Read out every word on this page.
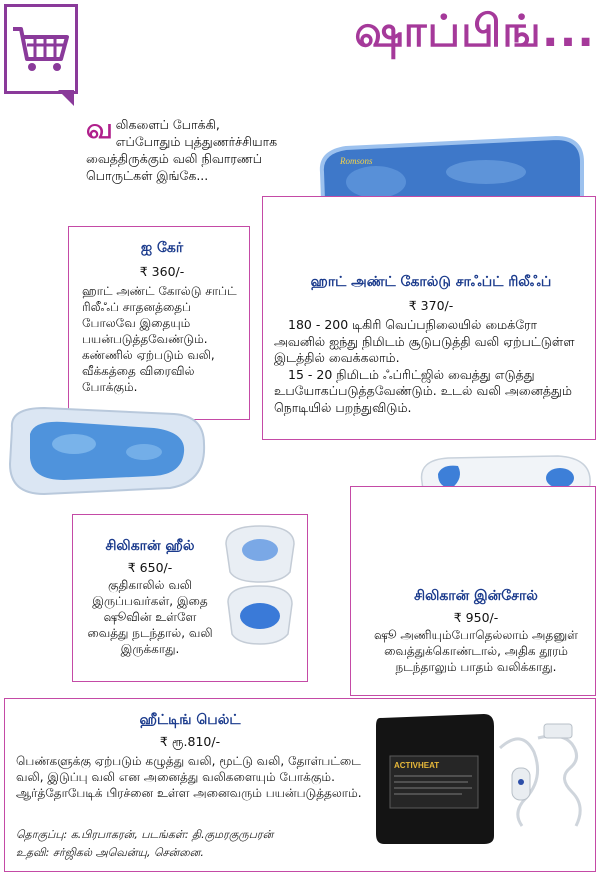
ஷாப்பிங்...
வ லிகளைப் போக்கி, எப்போதும் புத்துணர்ச்சியாக வைத்திருக்கும் வலி நிவாரணப் பொருட்கள் இங்கே...
Romsons
ஹாட் அண்ட் கோல்டு சாஃப்ட் ரிலீஃப்
₹ 370/-
180 - 200 டிகிரி வெப்பநிலையில் மைக்ரோ அவனில் ஐந்து நிமிடம் சூடுபடுத்தி வலி ஏற்பட்டுள்ள இடத்தில் வைக்கலாம்.
15 - 20 நிமிடம் ஃப்ரிட்ஜில் வைத்து எடுத்து உபயோகப்படுத்தவேண்டும். உடல் வலி அனைத்தும் நொடியில் பறந்துவிடும்.
ஐ கேர்
₹ 360/-
ஹாட் அண்ட் கோல்டு சாப்ட் ரிலீஃப் சாதனத்தைப் போலவே இதையும் பயன்படுத்தவேண்டும். கண்ணில் ஏற்படும் வலி, வீக்கத்தை விரைவில் போக்கும்.
சிலிகான் ஹீல்
₹ 650/-
குதிகாலில் வலி இருப்பவர்கள், இதை ஷூவின் உள்ளே வைத்து நடந்தால், வலி இருக்காது.
சிலிகான் இன்சோல்
₹ 950/-
ஷூ அணியும்போதெல்லாம் அதனுள் வைத்துக்கொண்டால், அதிக தூரம் நடந்தாலும் பாதம் வலிக்காது.
ஹீட்டிங் பெல்ட்
₹ ரூ.810/-
பெண்களுக்கு ஏற்படும் கழுத்து வலி, மூட்டு வலி, தோள்பட்டை வலி, இடுப்பு வலி என அனைத்து வலிகளையும் போக்கும். ஆர்த்தோபேடிக் பிரச்னை உள்ள அனைவரும் பயன்படுத்தலாம்.
ACTIVHEAT
தொகுப்பு: க.பிரபாகரன், படங்கள்: தி.குமரகுருபரன்
உதவி: சர்ஜிகல் அவென்யு, சென்னை.
